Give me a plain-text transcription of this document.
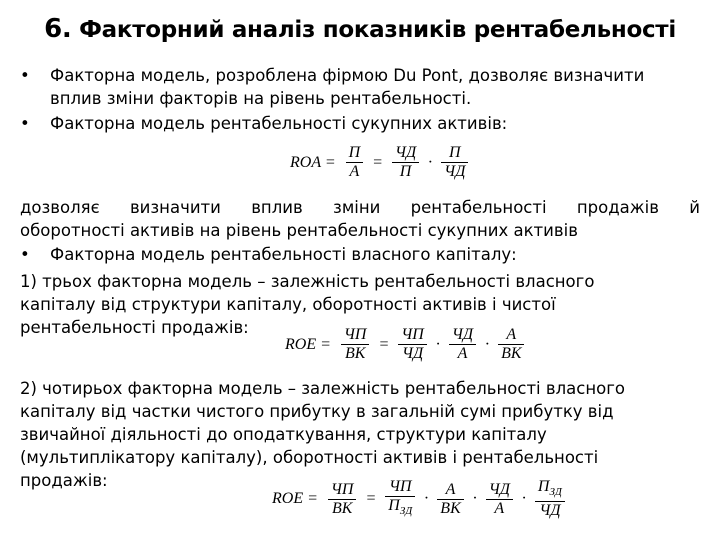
6. Факторний аналіз показників рентабельності
•	Факторна модель, розроблена фірмою Du Pont, дозволяє визначити
вплив зміни факторів на рівень рентабельності.
•	Факторна модель рентабельності сукупних активів:
ROA = $\frac{П}{А} = \frac{ЧД}{П} \cdot \frac{П}{ЧД}$
дозволяє визначити вплив зміни рентабельності продажів й
оборотності активів на рівень рентабельності сукупних активів
•	Факторна модель рентабельності власного капіталу:
1) трьох факторна модель – залежність рентабельності власного
капіталу від структури капіталу, оборотності активів і чистої
рентабельності продажів:
ROE = $\frac{ЧП}{ВК} = \frac{ЧП}{ЧД} \cdot \frac{ЧД}{А} \cdot \frac{А}{ВК}$
2) чотирьох факторна модель – залежність рентабельності власного
капіталу від частки чистого прибутку в загальній сумі прибутку від
звичайної діяльності до оподаткування, структури капіталу
(мультиплікатору капіталу), оборотності активів і рентабельності
продажів:
ROE = $\frac{ЧП}{ВК} = \frac{ЧП}{П_{ЗД}} \cdot \frac{А}{ВК} \cdot \frac{ЧД}{А} \cdot \frac{П_{ЗД}}{ЧД}$
